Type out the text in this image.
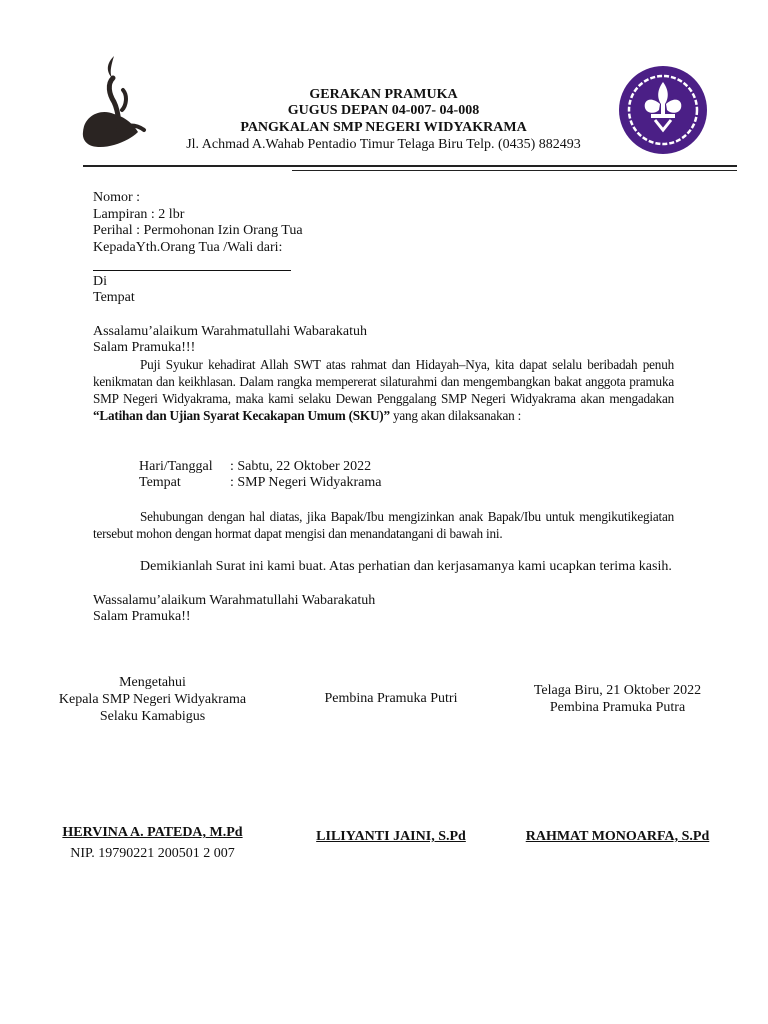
GERAKAN PRAMUKA
GUGUS DEPAN 04-007- 04-008
PANGKALAN SMP NEGERI WIDYAKRAMA
Jl. Achmad A.Wahab Pentadio Timur Telaga Biru Telp. (0435) 882493
Nomor :
Lampiran : 2 lbr
Perihal : Permohonan Izin Orang Tua
KepadaYth.Orang Tua /Wali dari:
Di
Tempat
Assalamu’alaikum Warahmatullahi Wabarakatuh
Salam Pramuka!!!
Puji Syukur kehadirat Allah SWT atas rahmat dan Hidayah–Nya, kita dapat selalu beribadah penuh kenikmatan dan keikhlasan. Dalam rangka mempererat silaturahmi dan mengembangkan bakat anggota pramuka SMP Negeri Widyakrama, maka kami selaku Dewan Penggalang SMP Negeri Widyakrama akan mengadakan “Latihan dan Ujian Syarat Kecakapan Umum (SKU)” yang akan dilaksanakan :
Hari/Tanggal : Sabtu, 22 Oktober 2022
Tempat	: SMP Negeri Widyakrama
Sehubungan dengan hal diatas, jika Bapak/Ibu mengizinkan anak Bapak/Ibu untuk mengikutikegiatan tersebut mohon dengan hormat dapat mengisi dan menandatangani di bawah ini.
Demikianlah Surat ini kami buat. Atas perhatian dan kerjasamanya kami ucapkan terima kasih.
Wassalamu’alaikum Warahmatullahi Wabarakatuh
Salam Pramuka!!
Mengetahui
Kepala SMP Negeri Widyakrama
Selaku Kamabigus
Pembina Pramuka Putri
Telaga Biru, 21 Oktober 2022
Pembina Pramuka Putra
HERVINA A. PATEDA, M.Pd
NIP. 19790221 200501 2 007
LILIYANTI JAINI, S.Pd	RAHMAT MONOARFA, S.Pd
